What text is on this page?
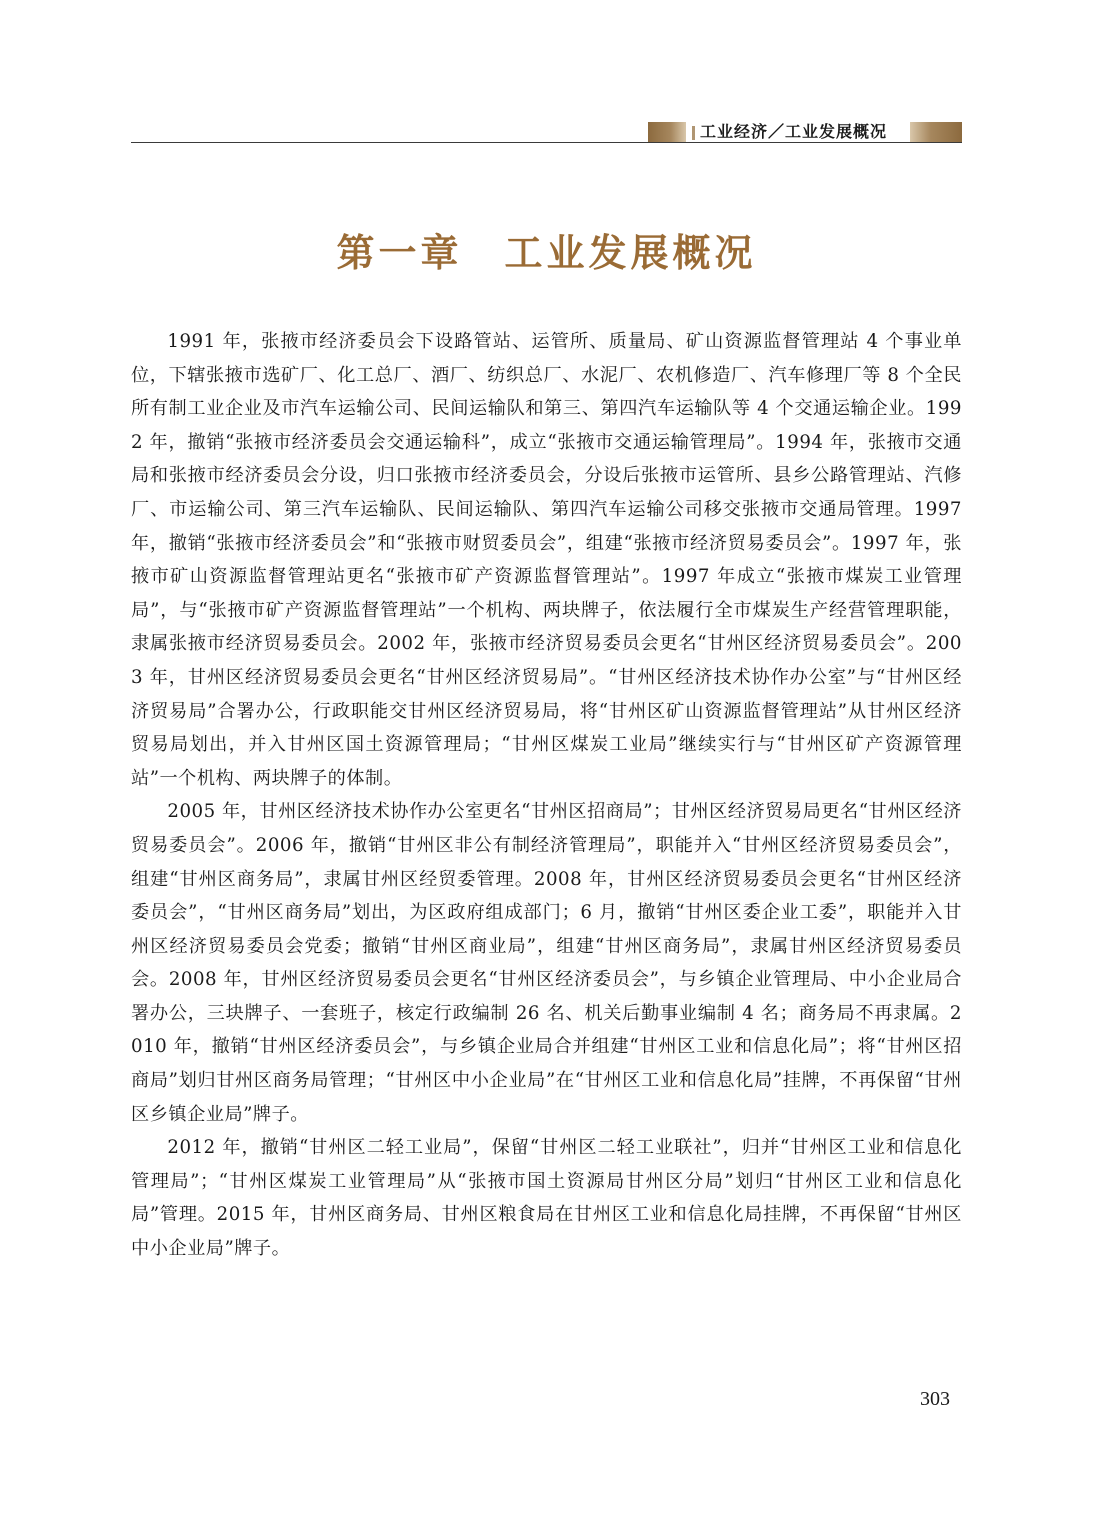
工业经济／工业发展概况
第一章　工业发展概况

1991 年，张掖市经济委员会下设路管站、运管所、质量局、矿山资源监督管理站 4 个事业单位，下辖张掖市选矿厂、化工总厂、酒厂、纺织总厂、水泥厂、农机修造厂、汽车修理厂等 8 个全民所有制工业企业及市汽车运输公司、民间运输队和第三、第四汽车运输队等 4 个交通运输企业。1992 年，撤销“张掖市经济委员会交通运输科”，成立“张掖市交通运输管理局”。1994 年，张掖市交通局和张掖市经济委员会分设，归口张掖市经济委员会，分设后张掖市运管所、县乡公路管理站、汽修厂、市运输公司、第三汽车运输队、民间运输队、第四汽车运输公司移交张掖市交通局管理。1997 年，撤销“张掖市经济委员会”和“张掖市财贸委员会”，组建“张掖市经济贸易委员会”。1997 年，张掖市矿山资源监督管理站更名“张掖市矿产资源监督管理站”。1997 年成立“张掖市煤炭工业管理局”，与“张掖市矿产资源监督管理站”一个机构、两块牌子，依法履行全市煤炭生产经营管理职能，隶属张掖市经济贸易委员会。2002 年，张掖市经济贸易委员会更名“甘州区经济贸易委员会”。2003 年，甘州区经济贸易委员会更名“甘州区经济贸易局”。“甘州区经济技术协作办公室”与“甘州区经济贸易局”合署办公，行政职能交甘州区经济贸易局，将“甘州区矿山资源监督管理站”从甘州区经济贸易局划出，并入甘州区国土资源管理局；“甘州区煤炭工业局”继续实行与“甘州区矿产资源管理站”一个机构、两块牌子的体制。

2005 年，甘州区经济技术协作办公室更名“甘州区招商局”；甘州区经济贸易局更名“甘州区经济贸易委员会”。2006 年，撤销“甘州区非公有制经济管理局”，职能并入“甘州区经济贸易委员会”，组建“甘州区商务局”，隶属甘州区经贸委管理。2008 年，甘州区经济贸易委员会更名“甘州区经济委员会”，“甘州区商务局”划出，为区政府组成部门；6 月，撤销“甘州区委企业工委”，职能并入甘州区经济贸易委员会党委；撤销“甘州区商业局”，组建“甘州区商务局”，隶属甘州区经济贸易委员会。2008 年，甘州区经济贸易委员会更名“甘州区经济委员会”，与乡镇企业管理局、中小企业局合署办公，三块牌子、一套班子，核定行政编制 26 名、机关后勤事业编制 4 名；商务局不再隶属。2010 年，撤销“甘州区经济委员会”，与乡镇企业局合并组建“甘州区工业和信息化局”；将“甘州区招商局”划归甘州区商务局管理；“甘州区中小企业局”在“甘州区工业和信息化局”挂牌，不再保留“甘州区乡镇企业局”牌子。

2012 年，撤销“甘州区二轻工业局”，保留“甘州区二轻工业联社”，归并“甘州区工业和信息化管理局”；“甘州区煤炭工业管理局”从“张掖市国土资源局甘州区分局”划归“甘州区工业和信息化局”管理。2015 年，甘州区商务局、甘州区粮食局在甘州区工业和信息化局挂牌，不再保留“甘州区中小企业局”牌子。

303
